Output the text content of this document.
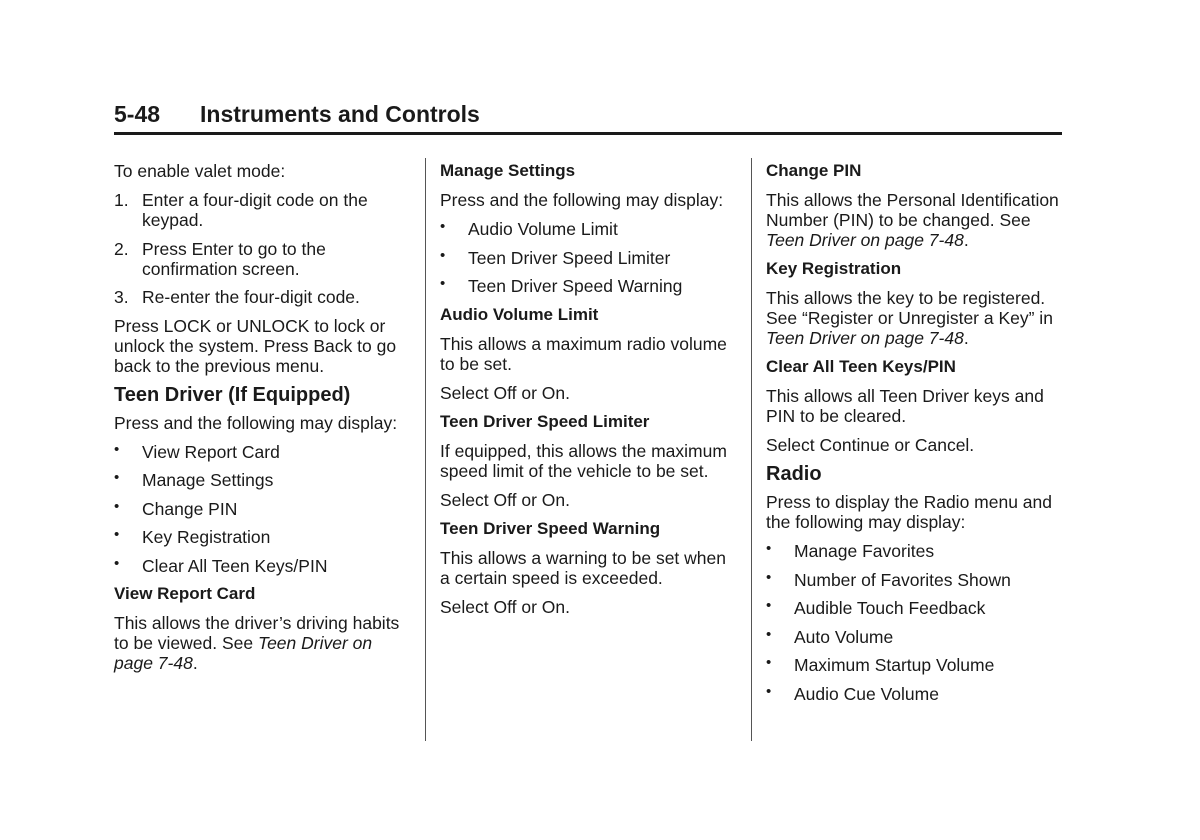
5-48 Instruments and Controls

To enable valet mode:

1. Enter a four-digit code on the keypad.
2. Press Enter to go to the confirmation screen.
3. Re-enter the four-digit code.

Press LOCK or UNLOCK to lock or unlock the system. Press Back to go back to the previous menu.

Teen Driver (If Equipped)

Press and the following may display:

• View Report Card
• Manage Settings
• Change PIN
• Key Registration
• Clear All Teen Keys/PIN
View Report Card

This allows the driver’s driving habits to be viewed. See Teen Driver on page 7-48.

Manage Settings

Press and the following may display:

• Audio Volume Limit
• Teen Driver Speed Limiter
• Teen Driver Speed Warning
Audio Volume Limit

This allows a maximum radio volume to be set.

Select Off or On.

Teen Driver Speed Limiter

If equipped, this allows the maximum speed limit of the vehicle to be set.

Select Off or On.

Teen Driver Speed Warning

This allows a warning to be set when a certain speed is exceeded.

Select Off or On.

Change PIN

This allows the Personal Identification Number (PIN) to be changed. See Teen Driver on page 7-48.

Key Registration

This allows the key to be registered. See “Register or Unregister a Key” in Teen Driver on page 7-48.

Clear All Teen Keys/PIN

This allows all Teen Driver keys and PIN to be cleared.

Select Continue or Cancel.

Radio

Press to display the Radio menu and the following may display:

• Manage Favorites
• Number of Favorites Shown
• Audible Touch Feedback
• Auto Volume
• Maximum Startup Volume
• Audio Cue Volume
